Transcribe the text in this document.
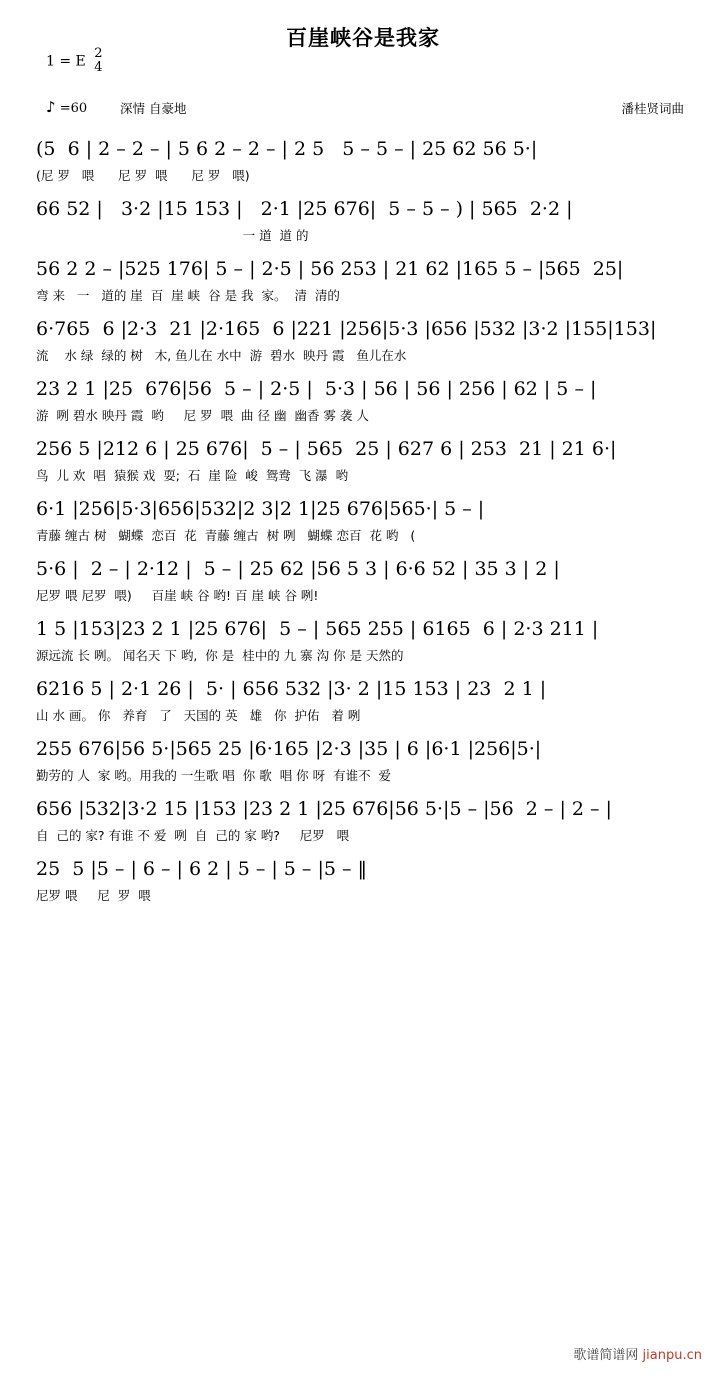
百崖峡谷是我家
1 = E
2
4
♪ =60	深情 自豪地	潘桂贤词曲
(5  6 | 2 – 2 – | 5 6 2 – 2 – | 2 5   5 – 5 – | 25 62 56 5·|
(尼 罗   喂      尼 罗  喂      尼 罗   喂)
66 52 |   3·2 |15 153 |   2·1 |25 676|  5 – 5 – ) | 565  2·2 |
一 道  道 的
56 2 2 – |525 176| 5 – | 2·5 | 56 253 | 21 62 |165 5 – |565  25|
弯 来   一   道的 崖  百  崖 峡  谷 是 我  家。  清  清的
6·765  6 |2·3  21 |2·165  6 |221 |256|5·3 |656 |532 |3·2 |155|153|
流    水 绿  绿的 树   木, 鱼儿在 水中  游  碧水  映丹 霞   鱼儿在水
23 2 1 |25  676|56  5 – | 2·5 |  5·3 | 56 | 56 | 256 | 62 | 5 – |
游  咧 碧水 映丹 霞  哟     尼 罗  喂  曲 径 幽  幽香 雾 袭 人
256 5 |212 6 | 25 676|  5 – | 565  25 | 627 6 | 253  21 | 21 6·|
鸟  儿 欢  唱  猿猴 戏  耍;  石  崖 险  峻  鸳鸯  飞 瀑  哟
6·1 |256|5·3|656|532|2 3|2 1|25 676|565·| 5 – |
青藤 缠古 树   蝴蝶  恋百  花  青藤 缠古  树 咧   蝴蝶 恋百  花 哟   (
5·6 |  2 – | 2·12 |  5 – | 25 62 |56 5 3 | 6·6 52 | 35 3 | 2 |
尼罗 喂 尼罗  喂)     百崖 峡 谷 哟! 百 崖 峡 谷 咧!
1 5 |153|23 2 1 |25 676|  5 – | 565 255 | 6165  6 | 2·3 211 |
源远流 长 咧。 闻名天 下 哟,  你 是  桂中的 九 寨 沟 你 是 天然的
6216 5 | 2·1 26 |  5· | 656 532 |3· 2 |15 153 | 23  2 1 |
山 水 画。 你   养育   了   天国的 英   雄   你  护佑   着 咧
255 676|56 5·|565 25 |6·165 |2·3 |35 | 6 |6·1 |256|5·|
勤劳的 人  家 哟。用我的 一生歌 唱  你 歌  唱 你 呀  有谁不  爱
656 |532|3·2 15 |153 |23 2 1 |25 676|56 5·|5 – |56  2 – | 2 – |
自  己的 家? 有谁 不 爱  咧  自  己的 家 哟?     尼罗   喂
25  5 |5 – | 6 – | 6 2 | 5 – | 5 – |5 – ‖
尼罗 喂     尼  罗  喂
歌谱简谱网 jianpu.cn
